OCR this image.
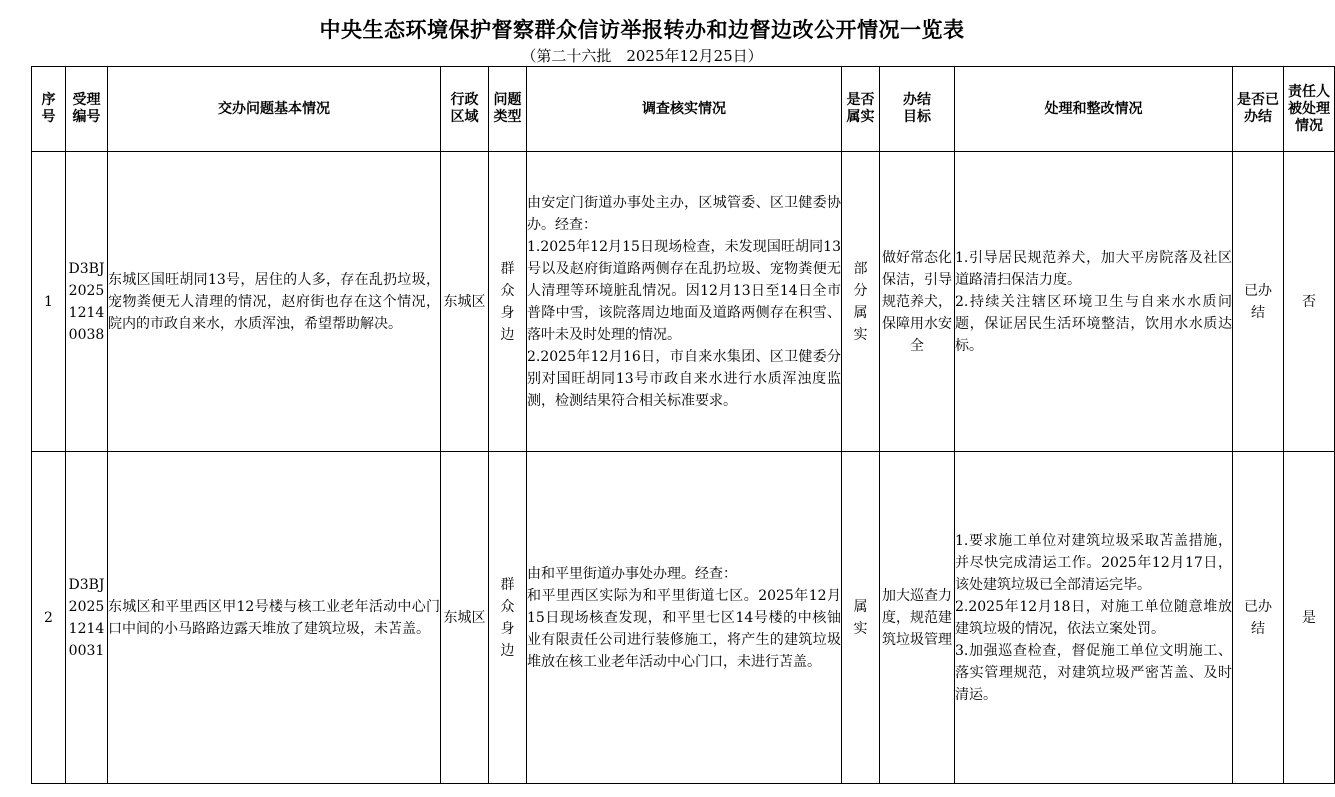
中央生态环境保护督察群众信访举报转办和边督边改公开情况一览表
（第二十六批　2025年12月25日）
序号	受理编号	交办问题基本情况	行政区域	问题类型	调查核实情况	是否属实	办结目标	处理和整改情况	是否已办结	责任人被处理情况

1	D3BJ20251214 0038	东城区国旺胡同13号，居住的人多，存在乱扔垃圾，宠物粪便无人清理的情况，赵府街也存在这个情况，院内的市政自来水，水质浑浊，希望帮助解决。	东城区	群众身边	由安定门街道办事处主办，区城管委、区卫健委协办。经查：
1.2025年12月15日现场检查，未发现国旺胡同13号以及赵府街道路两侧存在乱扔垃圾、宠物粪便无人清理等环境脏乱情况。因12月13日至14日全市普降中雪，该院落周边地面及道路两侧存在积雪、落叶未及时处理的情况。
2.2025年12月16日，市自来水集团、区卫健委分别对国旺胡同13号市政自来水进行水质浑浊度监测，检测结果符合相关标准要求。	部分属实	做好常态化保洁，引导规范养犬，保障用水安全	1.引导居民规范养犬，加大平房院落及社区道路清扫保洁力度。
2.持续关注辖区环境卫生与自来水水质问题，保证居民生活环境整洁，饮用水水质达标。	已办结	否
2	D3BJ20251214 0031	东城区和平里西区甲12号楼与核工业老年活动中心门口中间的小马路路边露天堆放了建筑垃圾，未苫盖。	东城区	群众身边	由和平里街道办事处办理。经查：
和平里西区实际为和平里街道七区。2025年12月15日现场核查发现，和平里七区14号楼的中核铀业有限责任公司进行装修施工，将产生的建筑垃圾堆放在核工业老年活动中心门口，未进行苫盖。	属实	加大巡查力度，规范建筑垃圾管理	1.要求施工单位对建筑垃圾采取苫盖措施，并尽快完成清运工作。2025年12月17日，该处建筑垃圾已全部清运完毕。
2.2025年12月18日，对施工单位随意堆放建筑垃圾的情况，依法立案处罚。
3.加强巡查检查，督促施工单位文明施工、落实管理规范，对建筑垃圾严密苫盖、及时清运。	已办结	是
